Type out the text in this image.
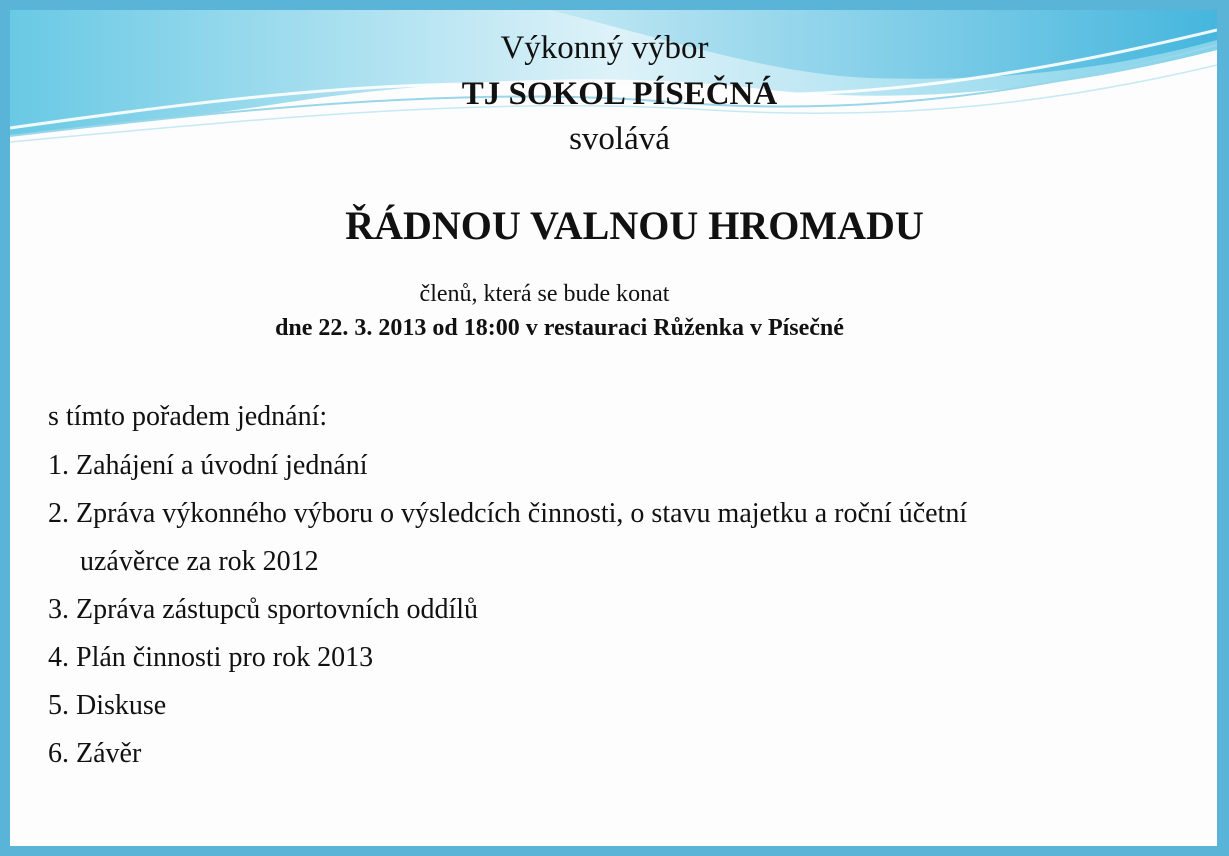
Výkonný výbor
TJ SOKOL PÍSEČNÁ
svolává
ŘÁDNOU VALNOU HROMADU
členů, která se bude konat
dne 22. 3. 2013 od 18:00 v restauraci Růženka v Písečné
s tímto pořadem jednání:
1. Zahájení a úvodní jednání
2. Zpráva výkonného výboru o výsledcích činnosti, o stavu majetku a roční účetní
uzávěrce za rok 2012
3. Zpráva zástupců sportovních oddílů
4. Plán činnosti pro rok 2013
5. Diskuse
6. Závěr
